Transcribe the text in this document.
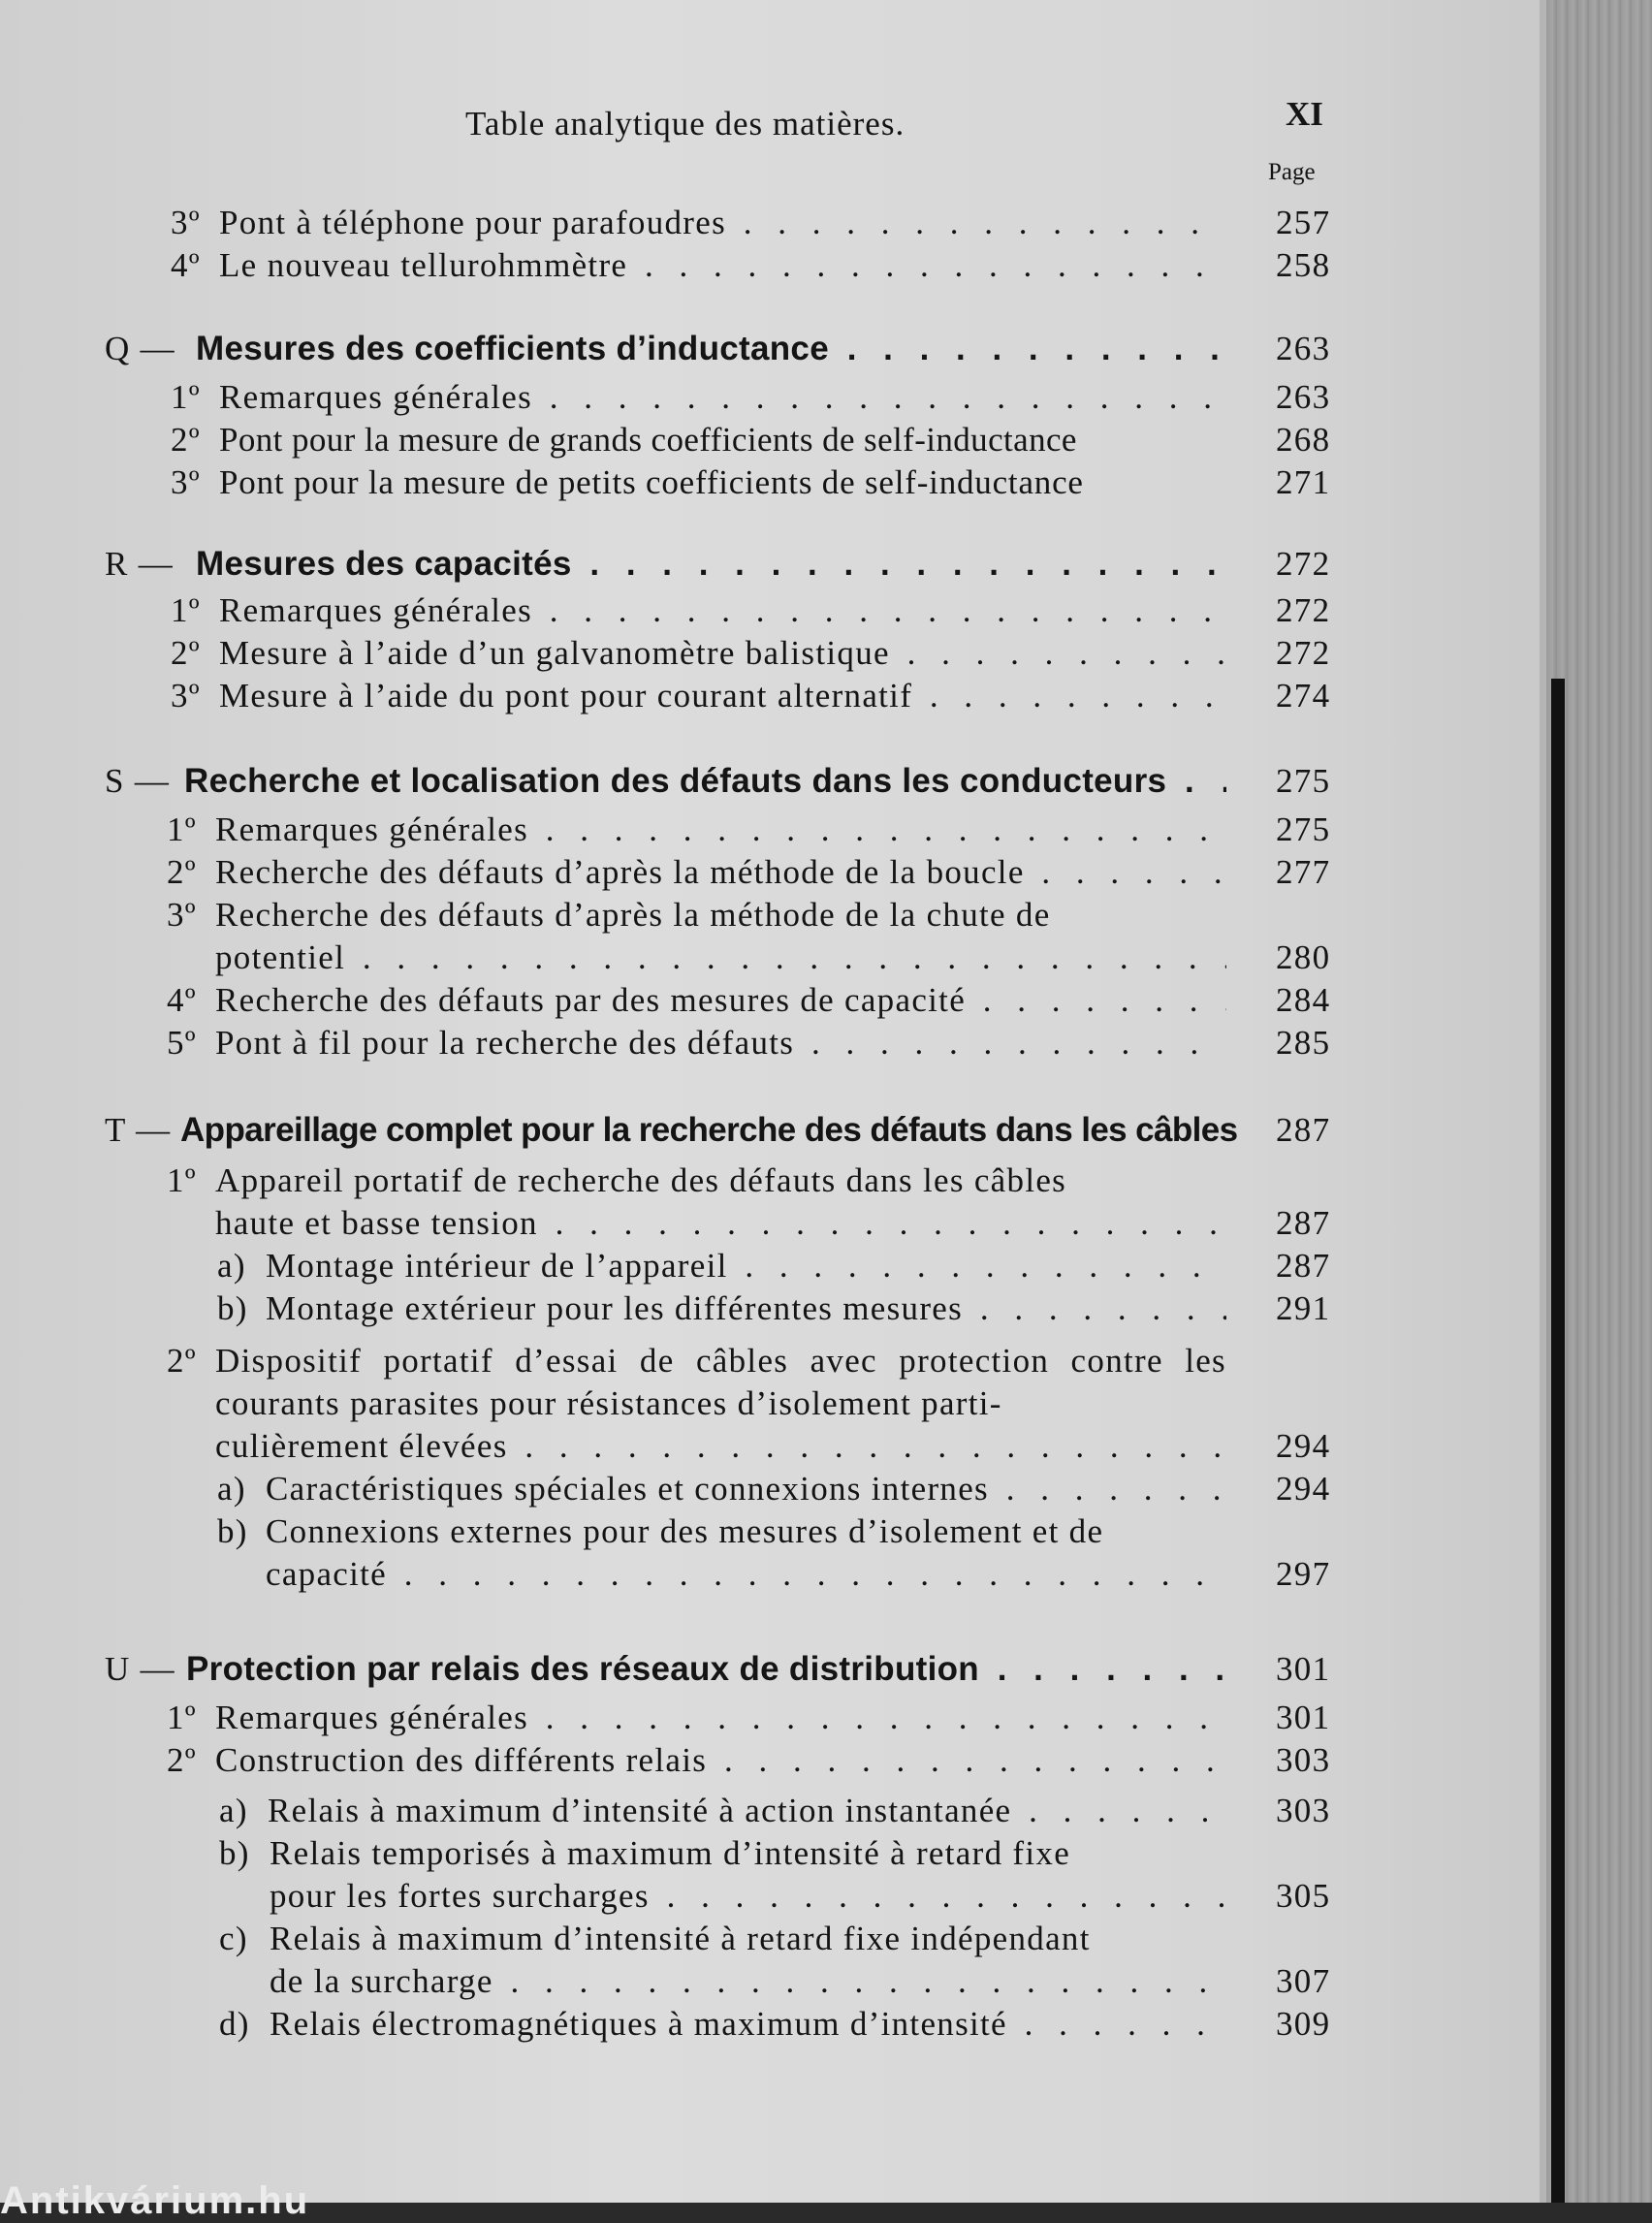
Table analytique des matières.	XI
Page
3º Pont à téléphone pour parafoudres . . .	257
4º Le nouveau tellurohmmètre . . .	258
Q — Mesures des coefficients d’inductance . . .	263
1º Remarques générales . . .	263
2º Pont pour la mesure de grands coefficients de self-inductance	268
3º Pont pour la mesure de petits coefficients de self-inductance	271
R — Mesures des capacités . . .	272
1º Remarques générales . . .	272
2º Mesure à l’aide d’un galvanomètre balistique . . .	272
3º Mesure à l’aide du pont pour courant alternatif . . .	274
S — Recherche et localisation des défauts dans les conducteurs . . .	275
1º Remarques générales . . .	275
2º Recherche des défauts d’après la méthode de la boucle . . .	277
3º Recherche des défauts d’après la méthode de la chute de
potentiel . . .	280
4º Recherche des défauts par des mesures de capacité . . .	284
5º Pont à fil pour la recherche des défauts . . .	285
T — Appareillage complet pour la recherche des défauts dans les câbles 287
1º Appareil portatif de recherche des défauts dans les câbles
haute et basse tension . . .	287
a) Montage intérieur de l’appareil . . .	287
b) Montage extérieur pour les différentes mesures . . .	291
2º Dispositif portatif d’essai de câbles avec protection contre les courants parasites pour résistances d’isolement parti-
culièrement élevées . . .	294
a) Caractéristiques spéciales et connexions internes . . .	294
b) Connexions externes pour des mesures d’isolement et de
capacité . . .	297
U — Protection par relais des réseaux de distribution . . .	301
1º Remarques générales . . .	301
2º Construction des différents relais . . .	303
a) Relais à maximum d’intensité à action instantanée . . .	303
b) Relais temporisés à maximum d’intensité à retard fixe
pour les fortes surcharges . . .	305
c) Relais à maximum d’intensité à retard fixe indépendant
de la surcharge . . .	307
d) Relais électromagnétiques à maximum d’intensité . . .	309
Antikvárium.hu
